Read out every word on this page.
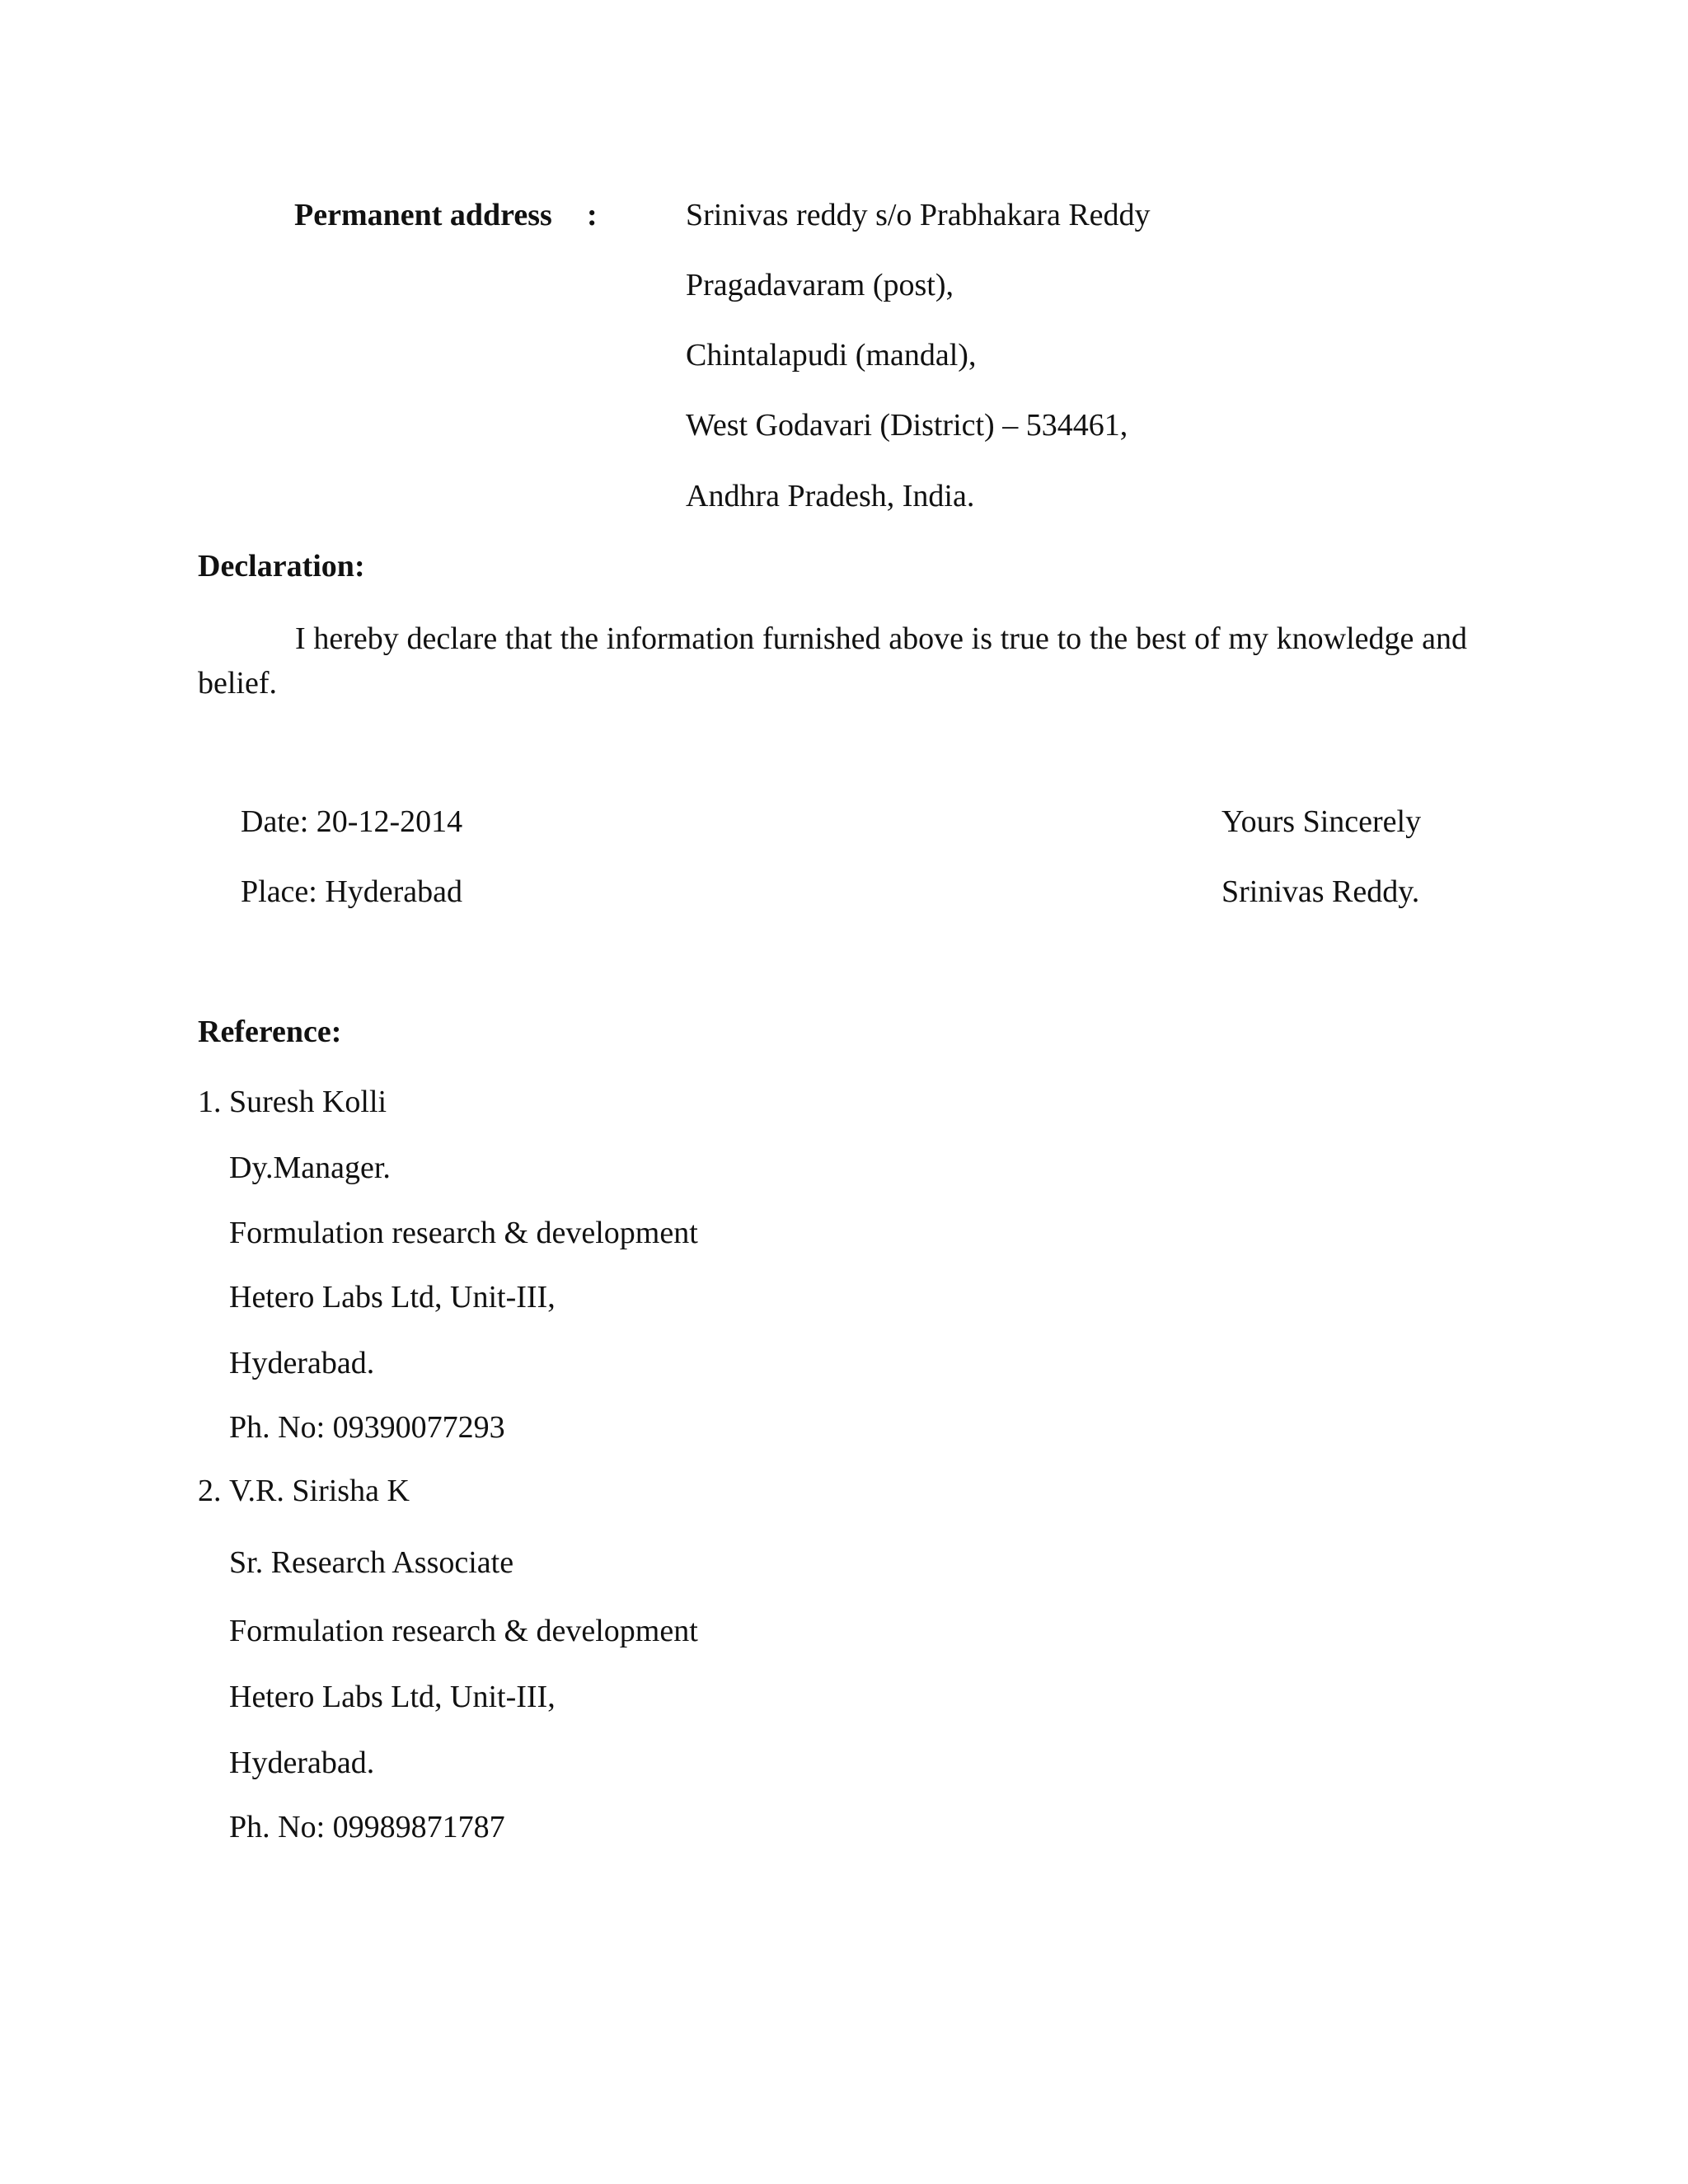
Permanent address :	Srinivas reddy s/o Prabhakara Reddy
Pragadavaram (post),
Chintalapudi (mandal),
West Godavari (District) – 534461,
Andhra Pradesh, India.
Declaration:
I hereby declare that the information furnished above is true to the best of my knowledge and belief.
Date: 20-12-2014
Place: Hyderabad
Yours Sincerely
Srinivas Reddy.
Reference:
1. Suresh Kolli
Dy.Manager.
Formulation research & development
Hetero Labs Ltd, Unit-III,
Hyderabad.
Ph. No: 09390077293
2. V.R. Sirisha K
Sr. Research Associate
Formulation research & development
Hetero Labs Ltd, Unit-III,
Hyderabad.
Ph. No: 09989871787
